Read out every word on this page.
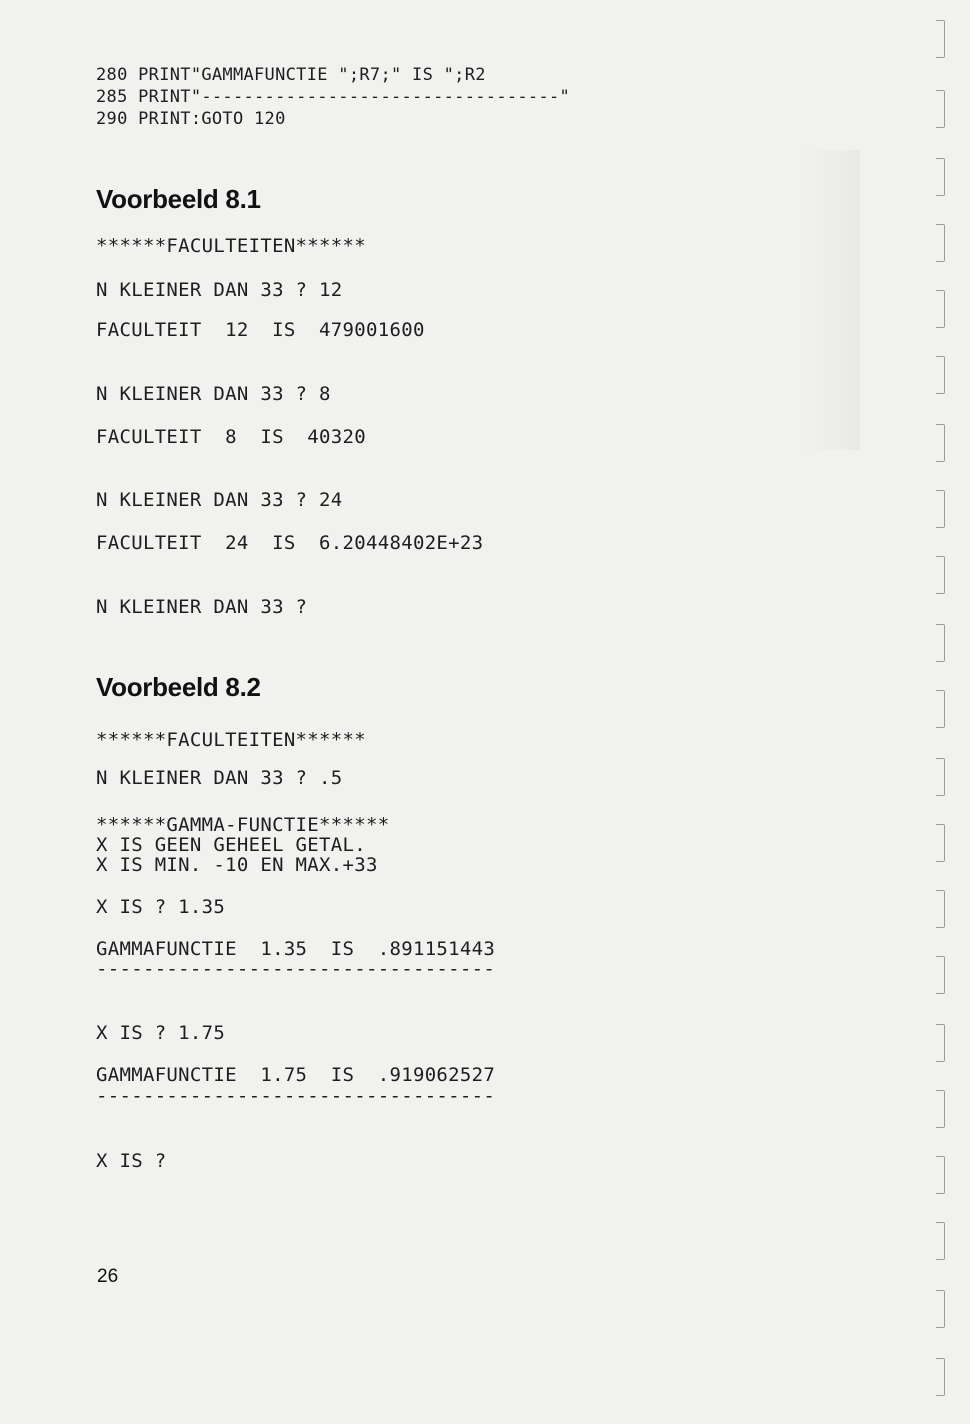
280 PRINT"GAMMAFUNCTIE ";R7;" IS ";R2

285 PRINT"----------------------------------"

290 PRINT:GOTO 120

Voorbeeld 8.1

******FACULTEITEN******

N KLEINER DAN 33 ? 12

FACULTEIT  12  IS  479001600

N KLEINER DAN 33 ? 8

FACULTEIT  8  IS  40320

N KLEINER DAN 33 ? 24

FACULTEIT  24  IS  6.20448402E+23

N KLEINER DAN 33 ?

Voorbeeld 8.2

******FACULTEITEN******

N KLEINER DAN 33 ? .5

******GAMMA-FUNCTIE******

X IS GEEN GEHEEL GETAL.

X IS MIN. -10 EN MAX.+33

X IS ? 1.35

GAMMAFUNCTIE  1.35  IS  .891151443

----------------------------------

X IS ? 1.75

GAMMAFUNCTIE  1.75  IS  .919062527

----------------------------------

X IS ?

26
